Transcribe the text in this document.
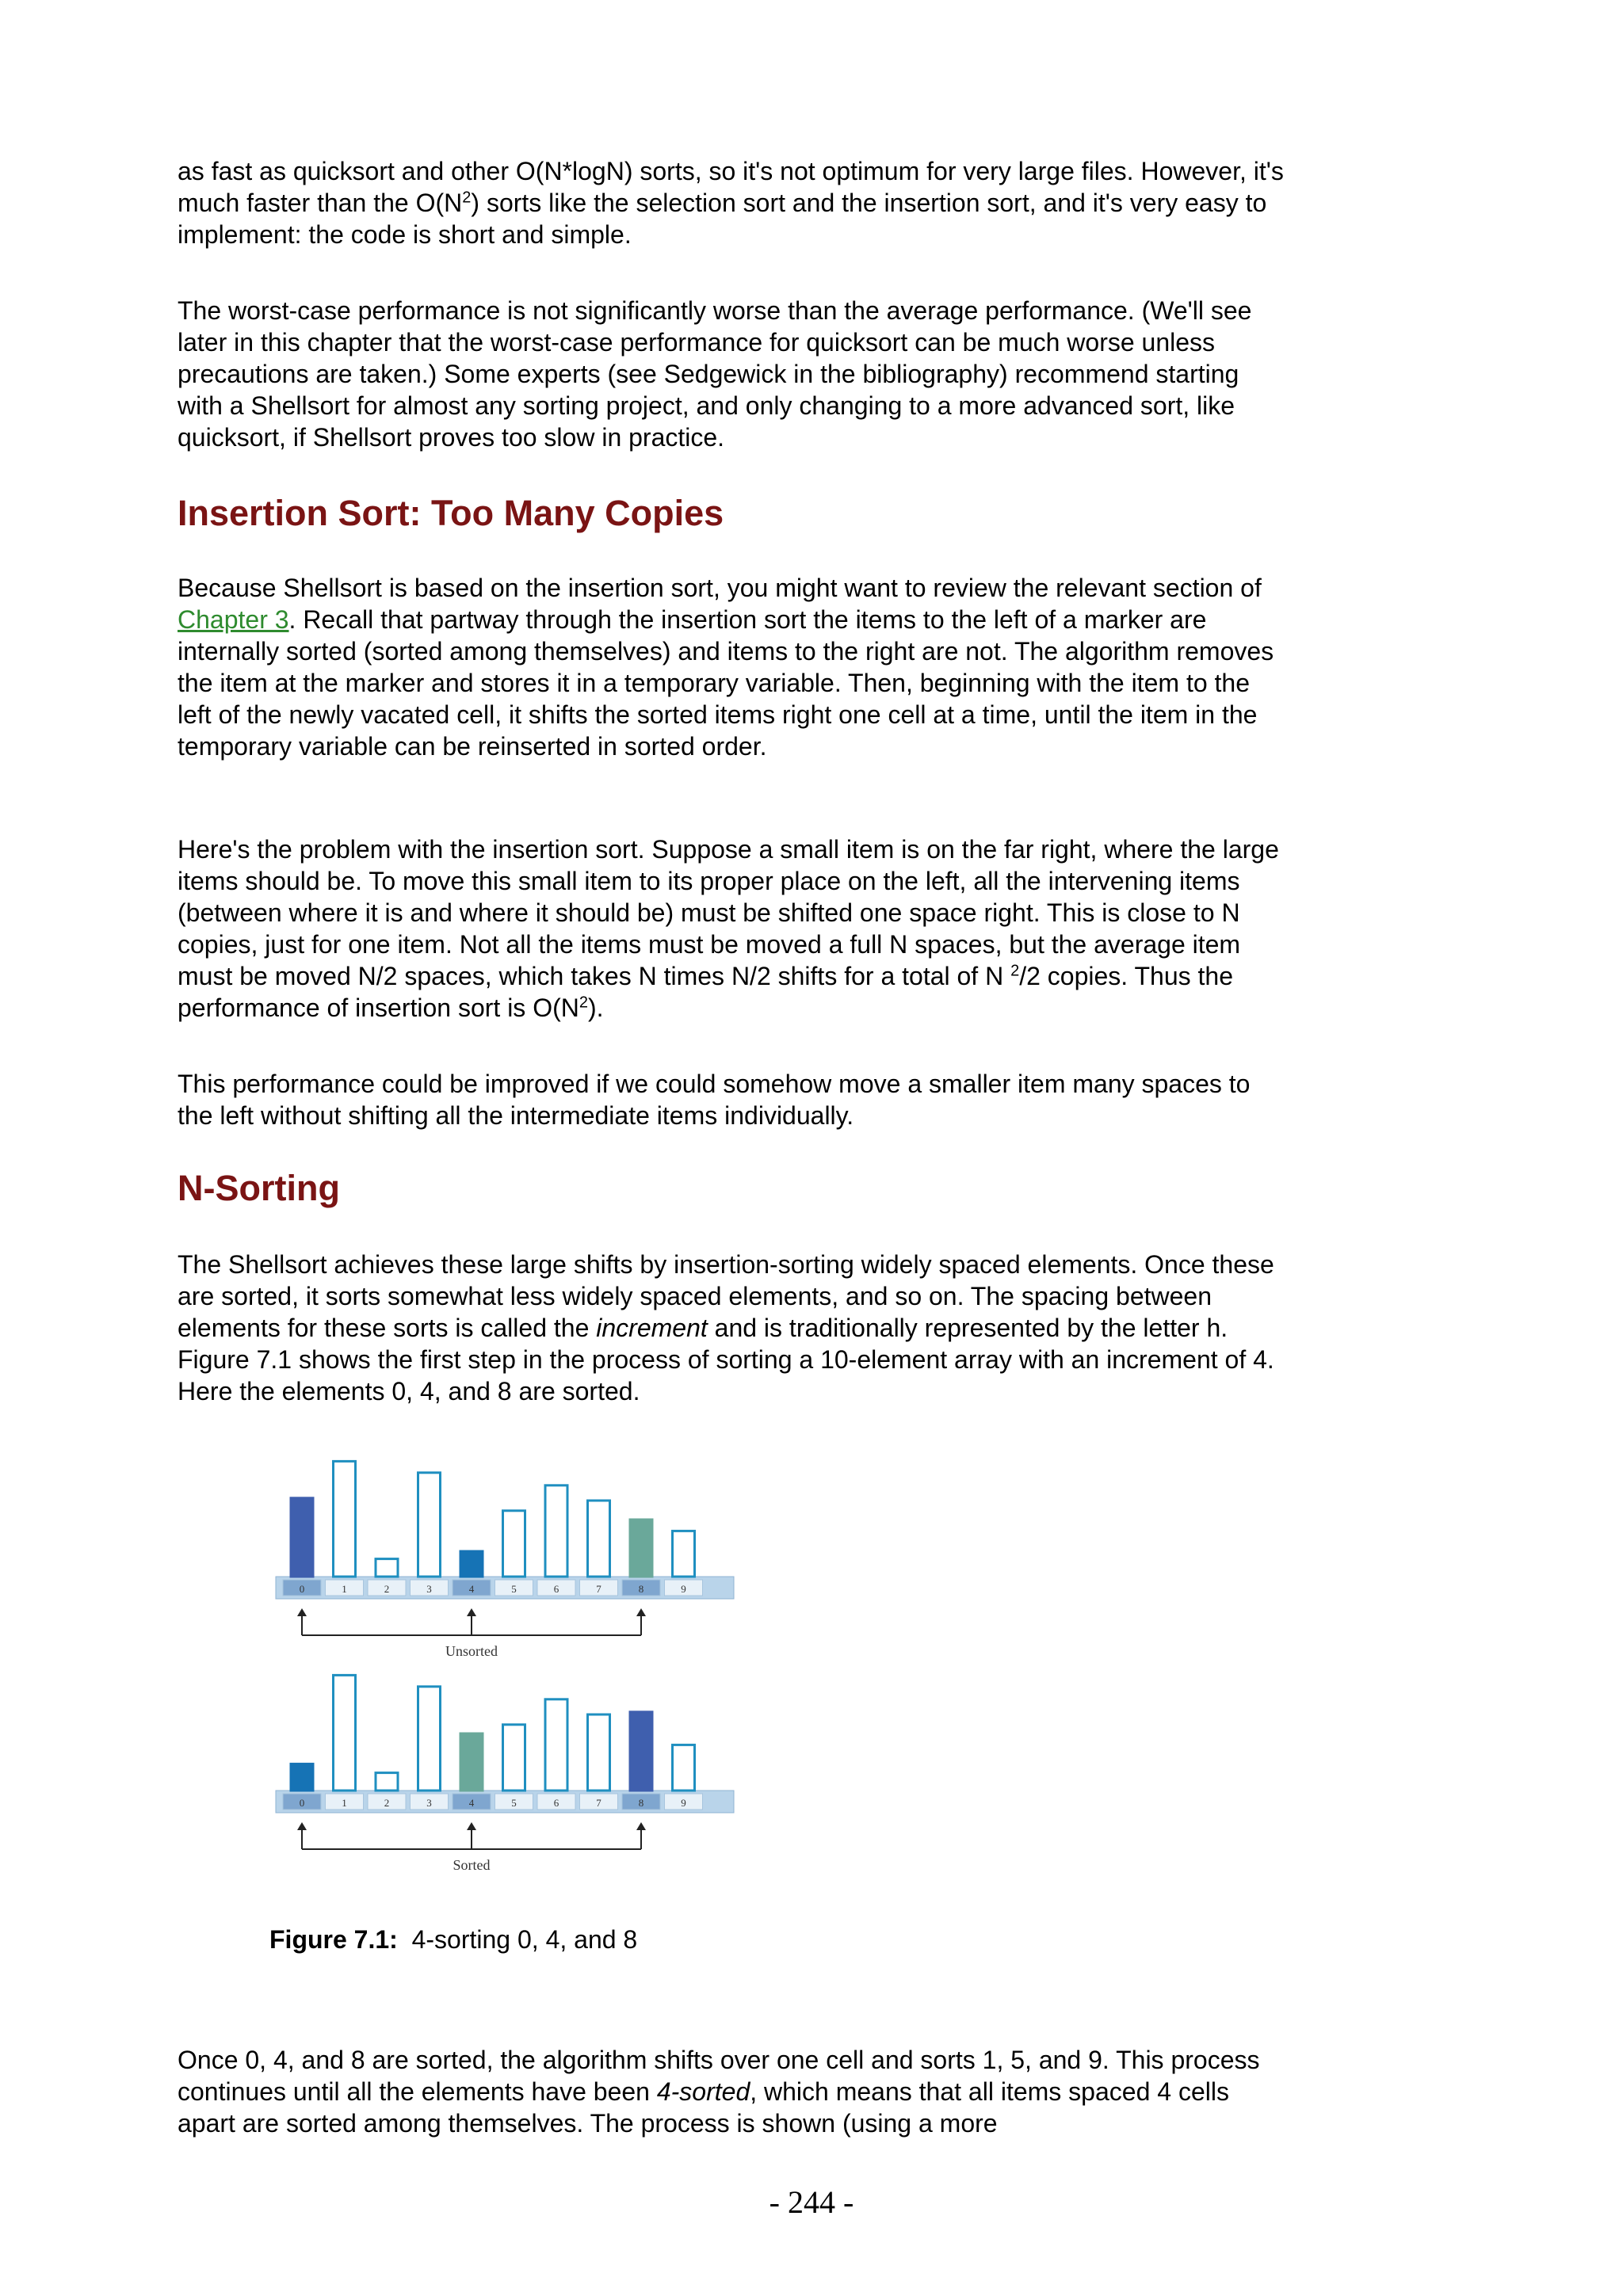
as fast as quicksort and other O(N*logN) sorts, so it's not optimum for very large files. However, it's much faster than the $O(N^2)$ sorts like the selection sort and the insertion sort, and it's very easy to implement: the code is short and simple.

The worst-case performance is not significantly worse than the average performance. (We'll see later in this chapter that the worst-case performance for quicksort can be much worse unless precautions are taken.) Some experts (see Sedgewick in the bibliography) recommend starting with a Shellsort for almost any sorting project, and only changing to a more advanced sort, like quicksort, if Shellsort proves too slow in practice.

Insertion Sort: Too Many Copies

Because Shellsort is based on the insertion sort, you might want to review the relevant section of Chapter 3. Recall that partway through the insertion sort the items to the left of a marker are internally sorted (sorted among themselves) and items to the right are not. The algorithm removes the item at the marker and stores it in a temporary variable. Then, beginning with the item to the left of the newly vacated cell, it shifts the sorted items right one cell at a time, until the item in the temporary variable can be reinserted in sorted order.

Here's the problem with the insertion sort. Suppose a small item is on the far right, where the large items should be. To move this small item to its proper place on the left, all the intervening items (between where it is and where it should be) must be shifted one space right. This is close to N copies, just for one item. Not all the items must be moved a full N spaces, but the average item must be moved N/2 spaces, which takes N times N/2 shifts for a total of N $^2$/2 copies. Thus the performance of insertion sort is $O(N^2)$.

This performance could be improved if we could somehow move a smaller item many spaces to the left without shifting all the intermediate items individually.

N-Sorting

The Shellsort achieves these large shifts by insertion-sorting widely spaced elements. Once these are sorted, it sorts somewhat less widely spaced elements, and so on. The spacing between elements for these sorts is called the increment and is traditionally represented by the letter h. Figure 7.1 shows the first step in the process of sorting a 10-element array with an increment of 4. Here the elements 0, 4, and 8 are sorted.

Once 0, 4, and 8 are sorted, the algorithm shifts over one cell and sorts 1, 5, and 9. This process continues until all the elements have been 4-sorted, which means that all items spaced 4 cells apart are sorted among themselves. The process is shown (using a more

0	1	2	3	4	5	6	7	8	9
Unsorted
0	1	2	3	4	5	6	7	8	9
Sorted
Figure 7.1: 4-sorting 0, 4, and 8
- 244 -
